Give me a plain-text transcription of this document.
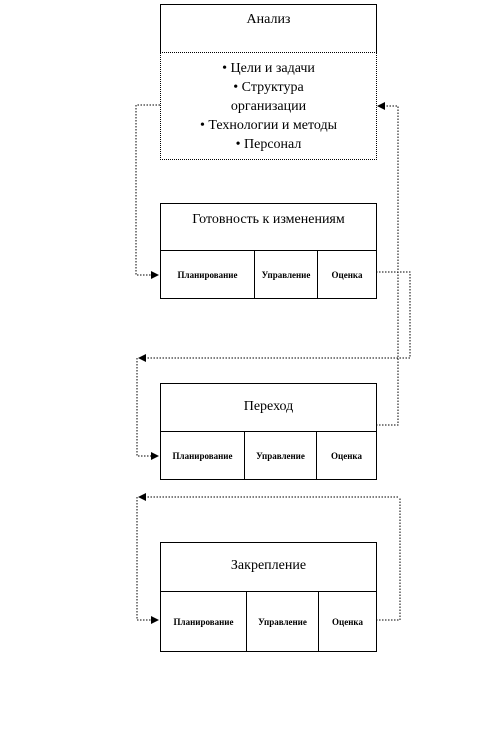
Анализ
• Цели и задачи
• Структура
организации
• Технологии и методы
• Персонал
Готовность к изменениям
Планирование	Управление	Оценка
Переход
Планирование	Управление	Оценка
Закрепление
Планирование	Управление	Оценка
